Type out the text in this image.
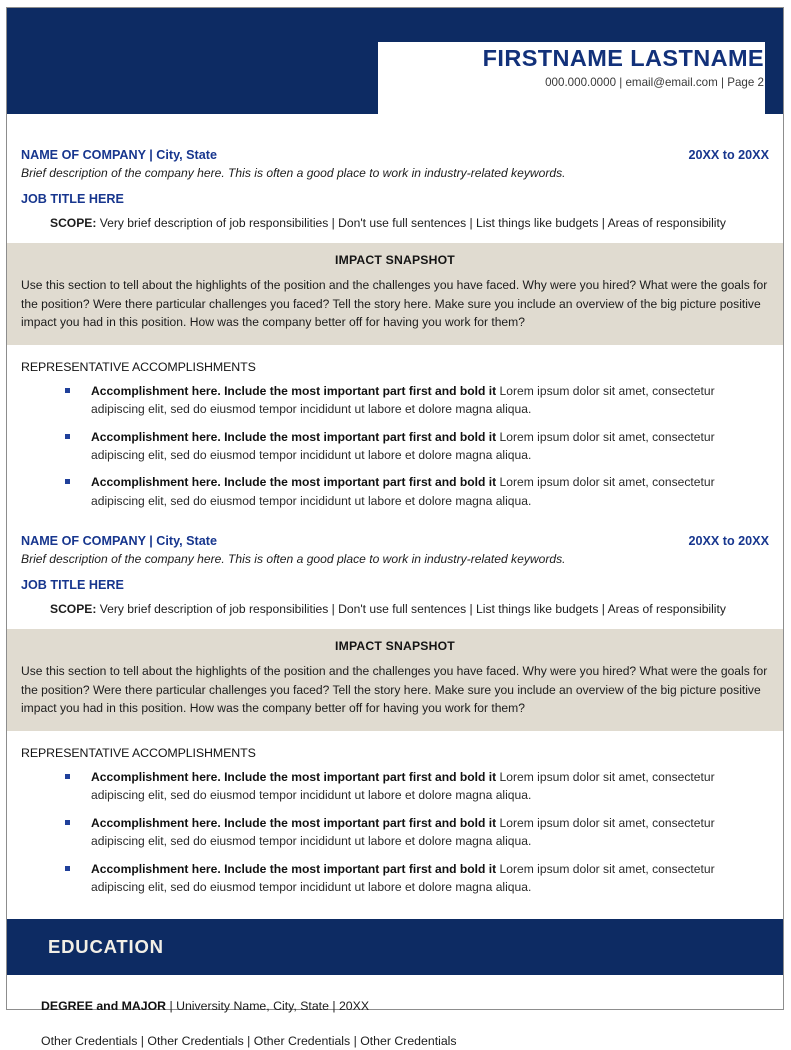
FIRSTNAME LASTNAME
000.000.0000 | email@email.com | Page 2
NAME OF COMPANY | City, State	20XX to 20XX
Brief description of the company here. This is often a good place to work in industry-related keywords.
JOB TITLE HERE
SCOPE: Very brief description of job responsibilities | Don't use full sentences | List things like budgets | Areas of responsibility
IMPACT SNAPSHOT
Use this section to tell about the highlights of the position and the challenges you have faced. Why were you hired? What were the goals for the position? Were there particular challenges you faced? Tell the story here. Make sure you include an overview of the big picture positive impact you had in this position. How was the company better off for having you work for them?
REPRESENTATIVE ACCOMPLISHMENTS
Accomplishment here. Include the most important part first and bold it Lorem ipsum dolor sit amet, consectetur adipiscing elit, sed do eiusmod tempor incididunt ut labore et dolore magna aliqua.
Accomplishment here. Include the most important part first and bold it Lorem ipsum dolor sit amet, consectetur adipiscing elit, sed do eiusmod tempor incididunt ut labore et dolore magna aliqua.
Accomplishment here. Include the most important part first and bold it Lorem ipsum dolor sit amet, consectetur adipiscing elit, sed do eiusmod tempor incididunt ut labore et dolore magna aliqua.
NAME OF COMPANY | City, State	20XX to 20XX
Brief description of the company here. This is often a good place to work in industry-related keywords.
JOB TITLE HERE
SCOPE: Very brief description of job responsibilities | Don't use full sentences | List things like budgets | Areas of responsibility
IMPACT SNAPSHOT
Use this section to tell about the highlights of the position and the challenges you have faced. Why were you hired? What were the goals for the position? Were there particular challenges you faced? Tell the story here. Make sure you include an overview of the big picture positive impact you had in this position. How was the company better off for having you work for them?
REPRESENTATIVE ACCOMPLISHMENTS
Accomplishment here. Include the most important part first and bold it Lorem ipsum dolor sit amet, consectetur adipiscing elit, sed do eiusmod tempor incididunt ut labore et dolore magna aliqua.
Accomplishment here. Include the most important part first and bold it Lorem ipsum dolor sit amet, consectetur adipiscing elit, sed do eiusmod tempor incididunt ut labore et dolore magna aliqua.
Accomplishment here. Include the most important part first and bold it Lorem ipsum dolor sit amet, consectetur adipiscing elit, sed do eiusmod tempor incididunt ut labore et dolore magna aliqua.
EDUCATION
DEGREE and MAJOR | University Name, City, State | 20XX
Other Credentials | Other Credentials | Other Credentials | Other Credentials
